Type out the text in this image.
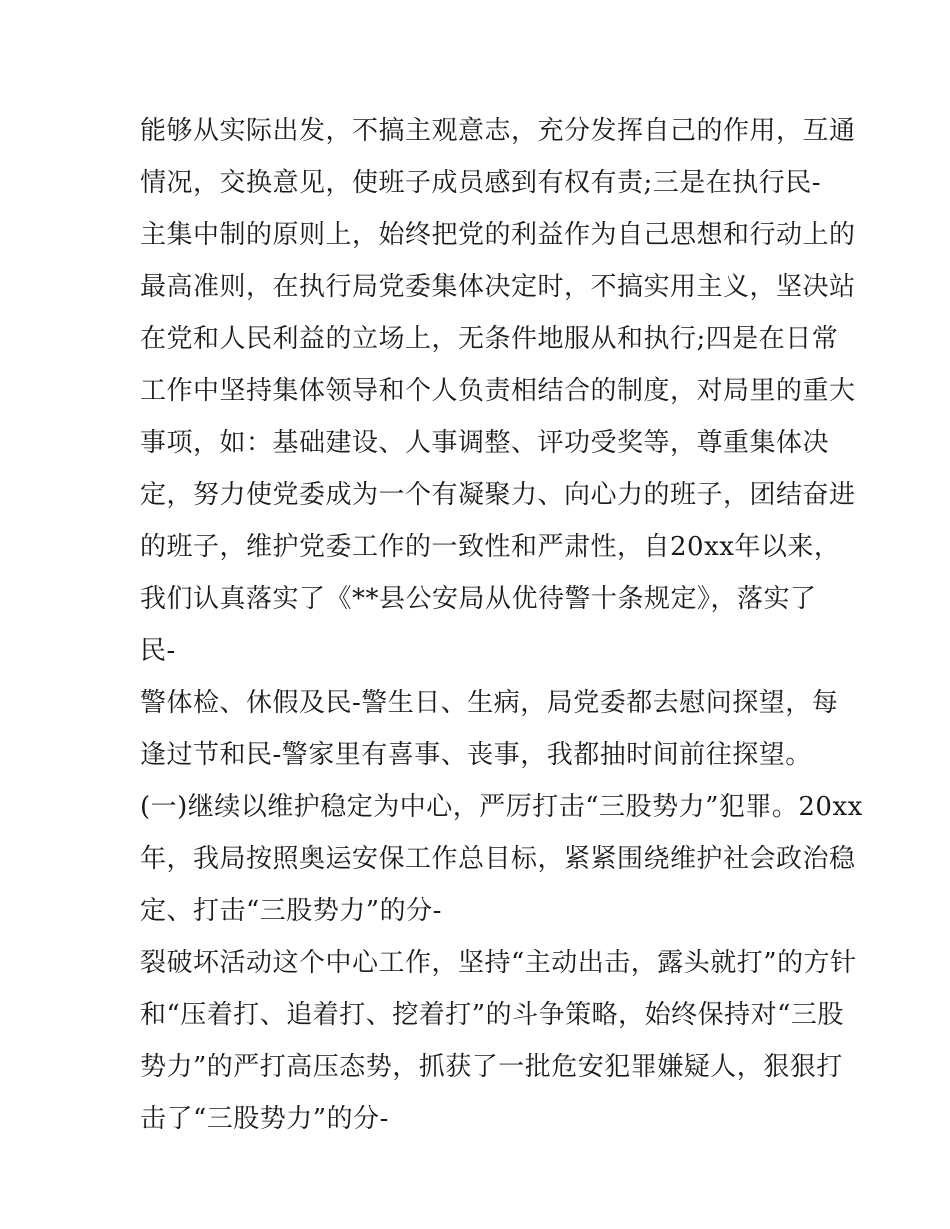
能够从实际出发，不搞主观意志，充分发挥自己的作用，互通
情况，交换意见，使班子成员感到有权有责;三是在执行民-
主集中制的原则上，始终把党的利益作为自己思想和行动上的
最高准则，在执行局党委集体决定时，不搞实用主义，坚决站
在党和人民利益的立场上，无条件地服从和执行;四是在日常
工作中坚持集体领导和个人负责相结合的制度，对局里的重大
事项，如：基础建设、人事调整、评功受奖等，尊重集体决
定，努力使党委成为一个有凝聚力、向心力的班子，团结奋进
的班子，维护党委工作的一致性和严肃性，自20xx年以来，
我们认真落实了《**县公安局从优待警十条规定》，落实了
民-
警体检、休假及民-警生日、生病，局党委都去慰问探望，每
逢过节和民-警家里有喜事、丧事，我都抽时间前往探望。
(一)继续以维护稳定为中心，严厉打击“三股势力”犯罪。20xx
年，我局按照奥运安保工作总目标，紧紧围绕维护社会政治稳
定、打击“三股势力”的分-
裂破坏活动这个中心工作，坚持“主动出击，露头就打”的方针
和“压着打、追着打、挖着打”的斗争策略，始终保持对“三股
势力”的严打高压态势，抓获了一批危安犯罪嫌疑人，狠狠打
击了“三股势力”的分-
